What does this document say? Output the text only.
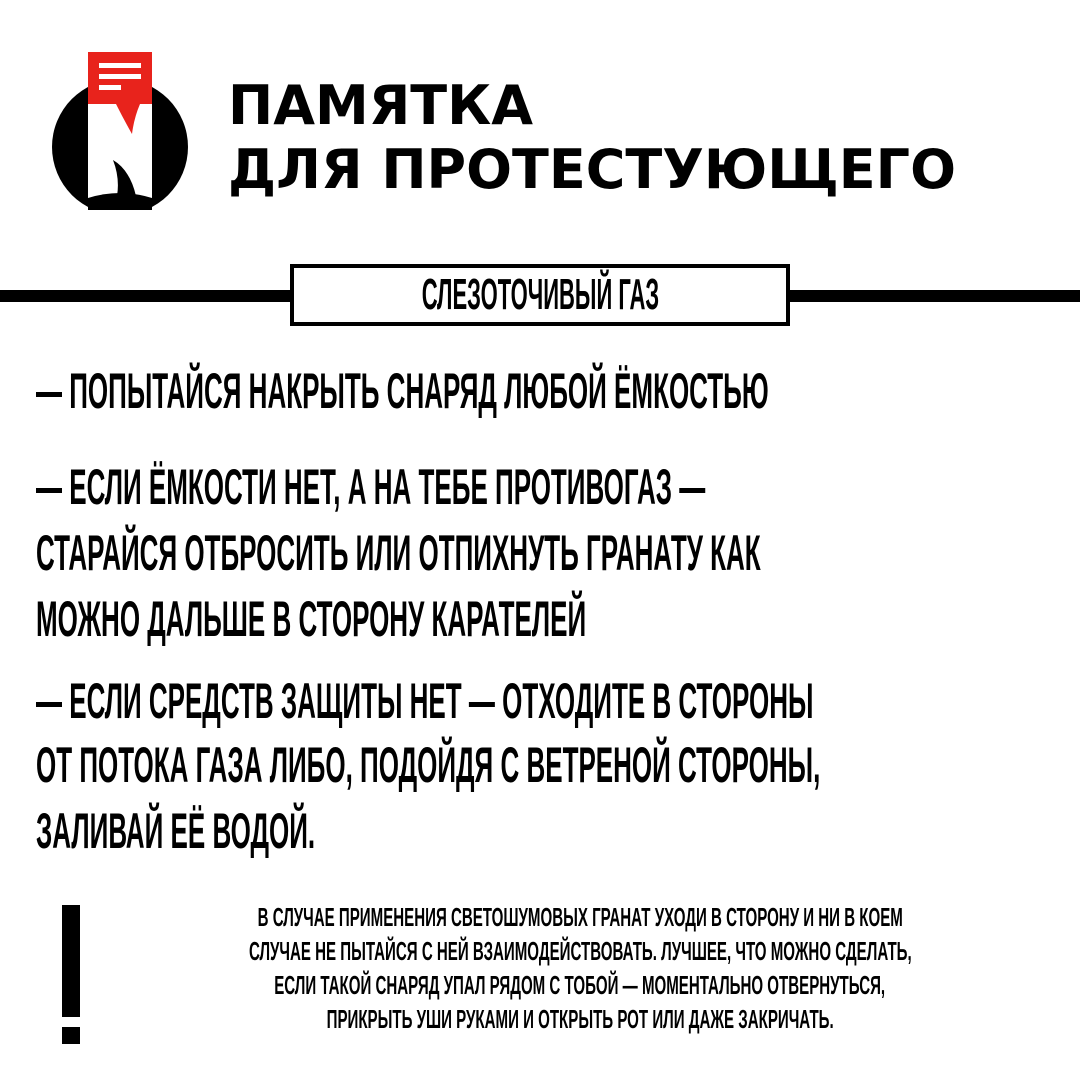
ПАМЯТКА
ДЛЯ ПРОТЕСТУЮЩЕГО
СЛЕЗОТОЧИВЫЙ ГАЗ
— ПОПЫТАЙСЯ НАКРЫТЬ СНАРЯД ЛЮБОЙ ЁМКОСТЬЮ
— ЕСЛИ ЁМКОСТИ НЕТ, А НА ТЕБЕ ПРОТИВОГАЗ —
СТАРАЙСЯ ОТБРОСИТЬ ИЛИ ОТПИХНУТЬ ГРАНАТУ КАК
МОЖНО ДАЛЬШЕ В СТОРОНУ КАРАТЕЛЕЙ
— ЕСЛИ СРЕДСТВ ЗАЩИТЫ НЕТ — ОТХОДИТЕ В СТОРОНЫ
ОТ ПОТОКА ГАЗА ЛИБО, ПОДОЙДЯ С ВЕТРЕНОЙ СТОРОНЫ,
ЗАЛИВАЙ ЕЁ ВОДОЙ.
В СЛУЧАЕ ПРИМЕНЕНИЯ СВЕТОШУМОВЫХ ГРАНАТ УХОДИ В СТОРОНУ И НИ В КОЕМ
СЛУЧАЕ НЕ ПЫТАЙСЯ С НЕЙ ВЗАИМОДЕЙСТВОВАТЬ. ЛУЧШЕЕ, ЧТО МОЖНО СДЕЛАТЬ,
ЕСЛИ ТАКОЙ СНАРЯД УПАЛ РЯДОМ С ТОБОЙ — МОМЕНТАЛЬНО ОТВЕРНУТЬСЯ,
ПРИКРЫТЬ УШИ РУКАМИ И ОТКРЫТЬ РОТ ИЛИ ДАЖЕ ЗАКРИЧАТЬ.
